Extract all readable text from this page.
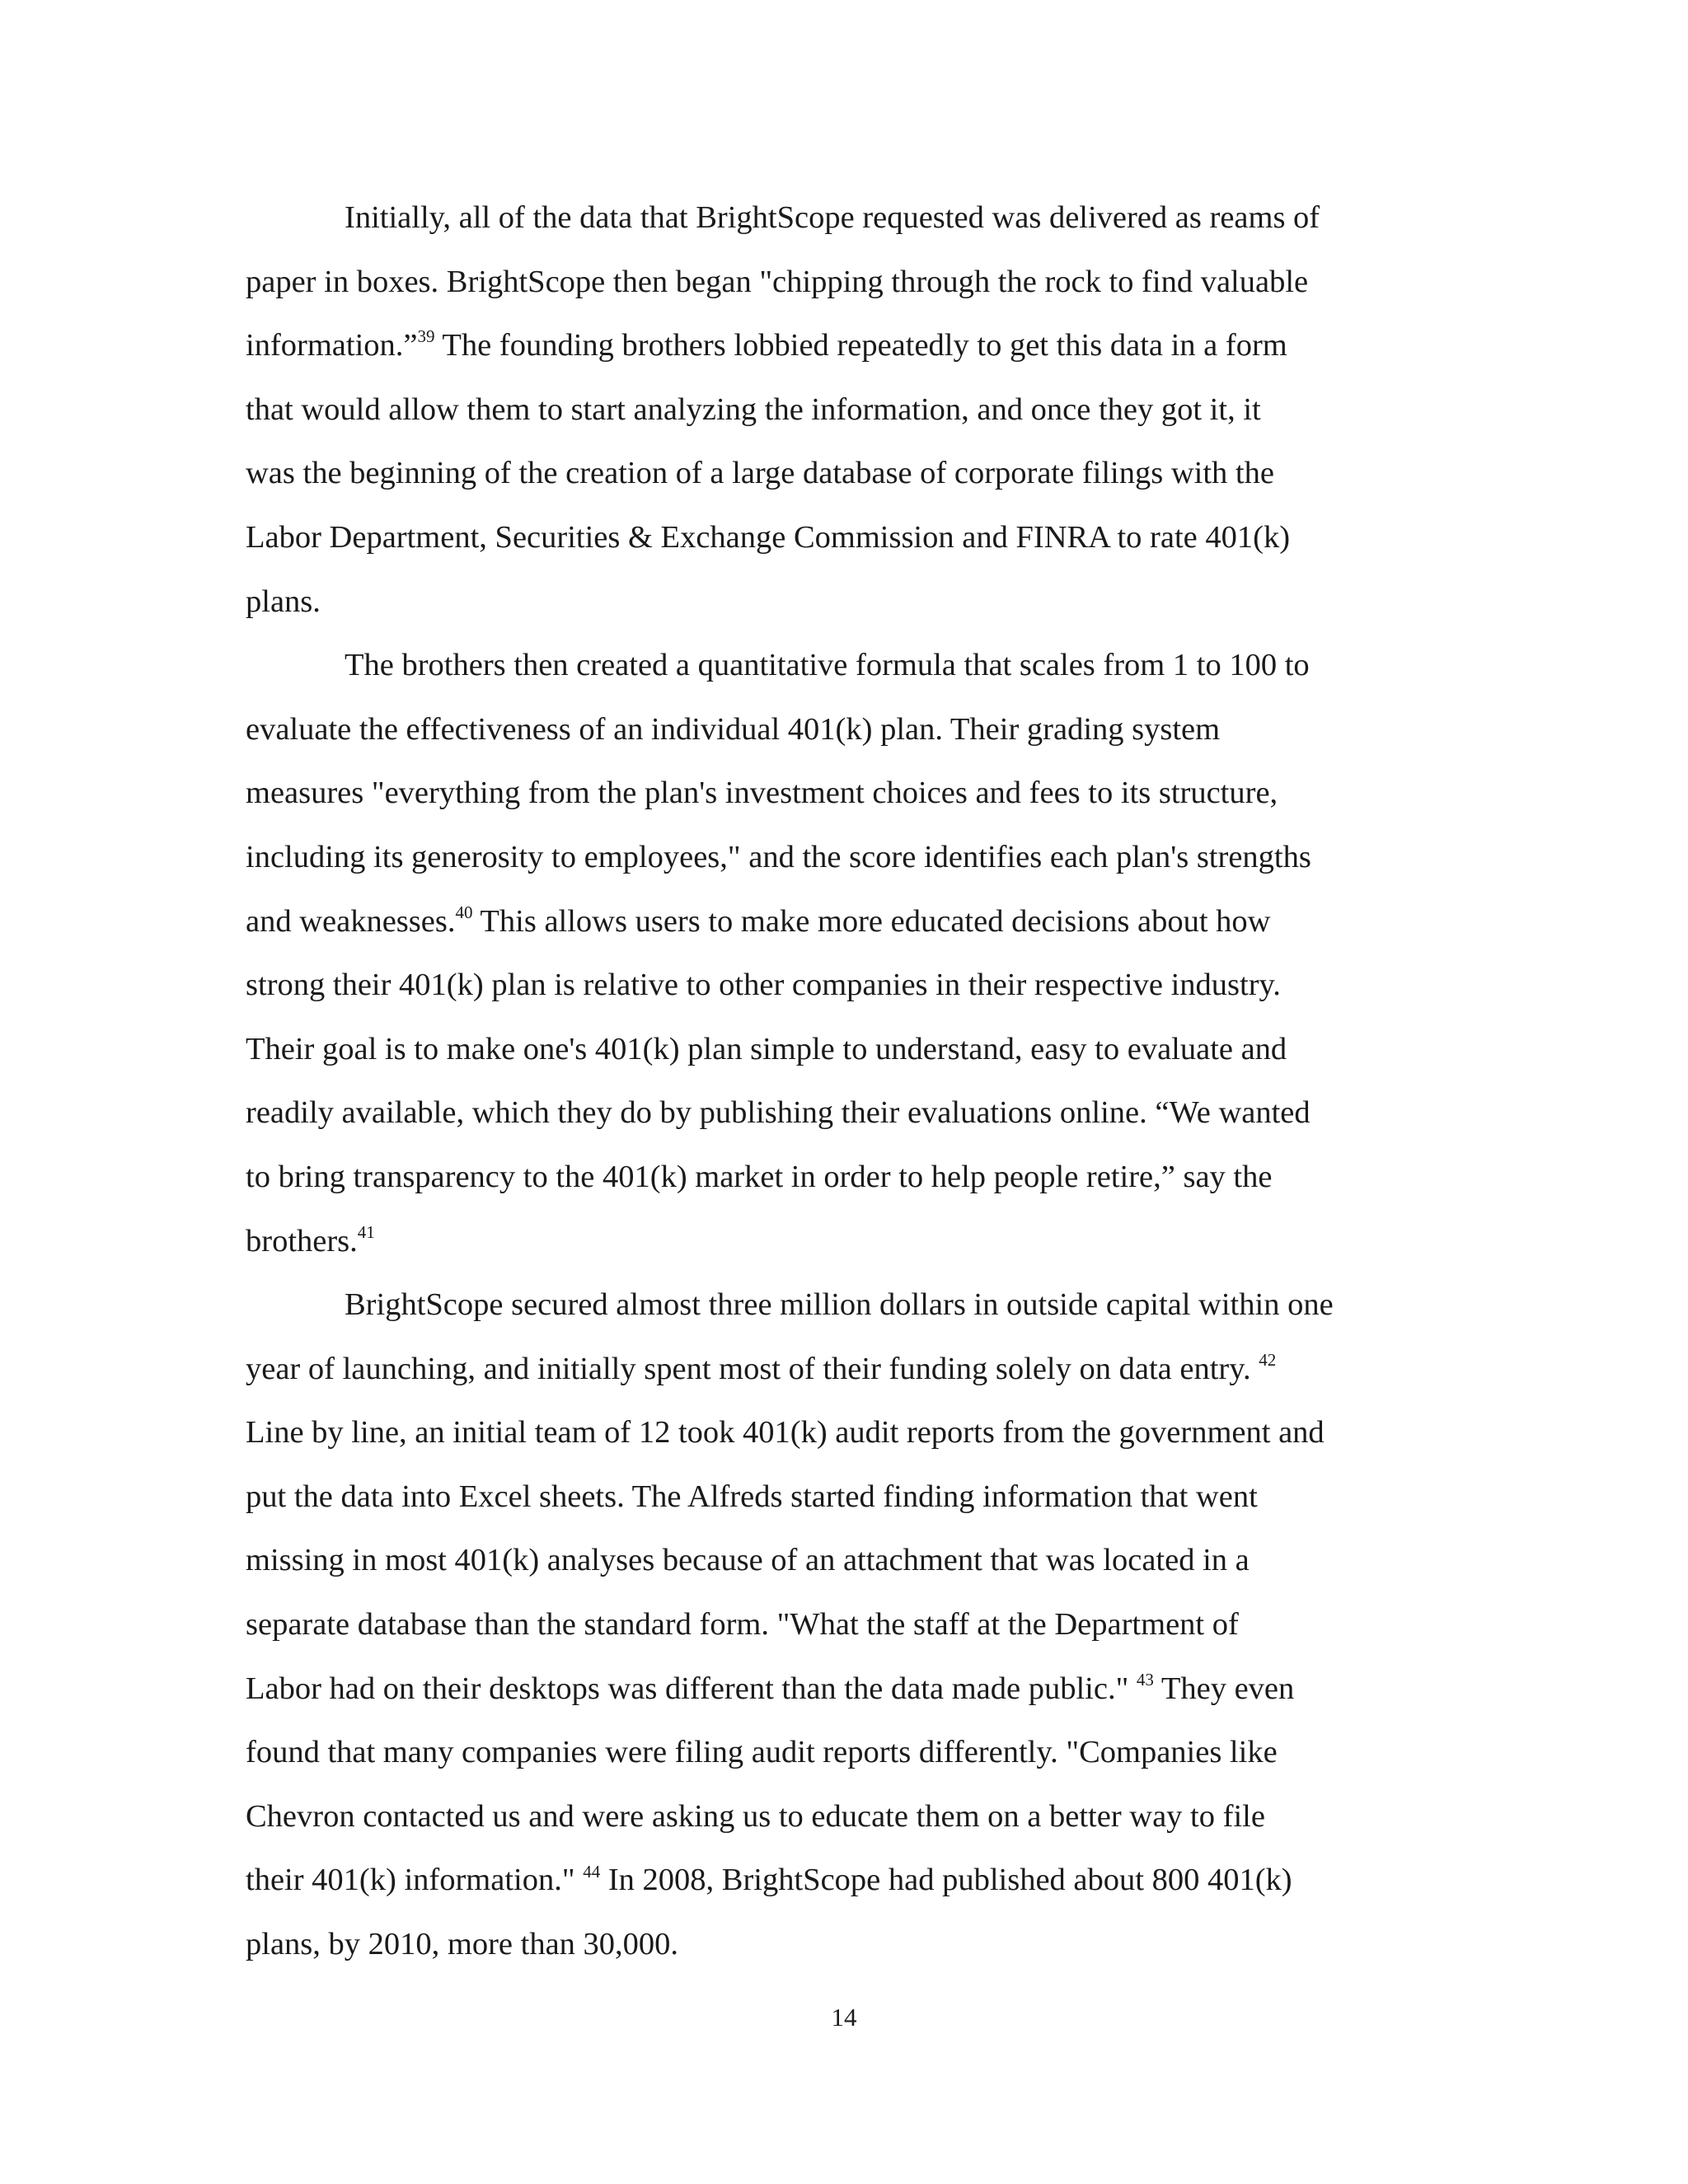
Initially, all of the data that BrightScope requested was delivered as reams of
paper in boxes. BrightScope then began "chipping through the rock to find valuable
information.”$^{39}$ The founding brothers lobbied repeatedly to get this data in a form
that would allow them to start analyzing the information, and once they got it, it
was the beginning of the creation of a large database of corporate filings with the
Labor Department, Securities & Exchange Commission and FINRA to rate 401(k)
plans.

The brothers then created a quantitative formula that scales from 1 to 100 to
evaluate the effectiveness of an individual 401(k) plan. Their grading system
measures "everything from the plan's investment choices and fees to its structure,
including its generosity to employees," and the score identifies each plan's strengths
and weaknesses.$^{40}$ This allows users to make more educated decisions about how
strong their 401(k) plan is relative to other companies in their respective industry.
Their goal is to make one's 401(k) plan simple to understand, easy to evaluate and
readily available, which they do by publishing their evaluations online. “We wanted
to bring transparency to the 401(k) market in order to help people retire,” say the
brothers.$^{41}$

BrightScope secured almost three million dollars in outside capital within one
year of launching, and initially spent most of their funding solely on data entry. $^{42}$
Line by line, an initial team of 12 took 401(k) audit reports from the government and
put the data into Excel sheets. The Alfreds started finding information that went
missing in most 401(k) analyses because of an attachment that was located in a
separate database than the standard form. "What the staff at the Department of
Labor had on their desktops was different than the data made public." $^{43}$ They even
found that many companies were filing audit reports differently. "Companies like
Chevron contacted us and were asking us to educate them on a better way to file
their 401(k) information." $^{44}$ In 2008, BrightScope had published about 800 401(k)
plans, by 2010, more than 30,000.

14
